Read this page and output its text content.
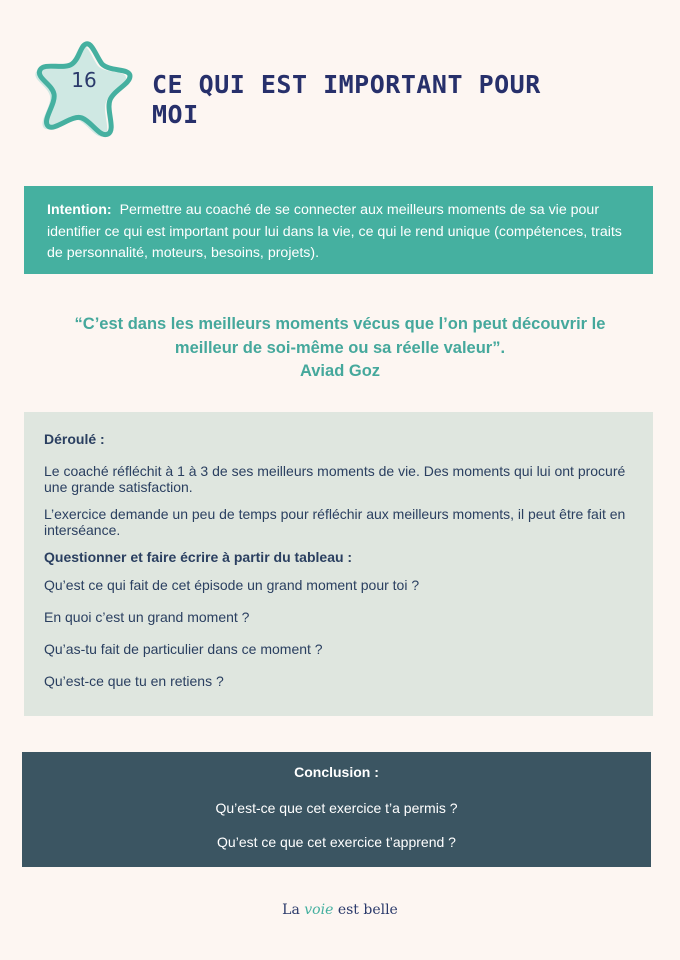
16	CE QUI EST IMPORTANT POUR MOI
Intention: Permettre au coaché de se connecter aux meilleurs moments de sa vie pour identifier ce qui est important pour lui dans la vie, ce qui le rend unique (compétences, traits de personnalité, moteurs, besoins, projets).
“C’est dans les meilleurs moments vécus que l’on peut découvrir le
meilleur de soi-même ou sa réelle valeur”.
Aviad Goz
Déroulé :
Le coaché réfléchit à 1 à 3 de ses meilleurs moments de vie. Des moments qui lui ont procuré une grande satisfaction.
L’exercice demande un peu de temps pour réfléchir aux meilleurs moments, il peut être fait en interséance.
Questionner et faire écrire à partir du tableau :
Qu’est ce qui fait de cet épisode un grand moment pour toi ?
En quoi c’est un grand moment ?
Qu’as-tu fait de particulier dans ce moment ?
Qu’est-ce que tu en retiens ?
Conclusion :
Qu’est-ce que cet exercice t’a permis ?
Qu’est ce que cet exercice t’apprend ?
La voie est belle
